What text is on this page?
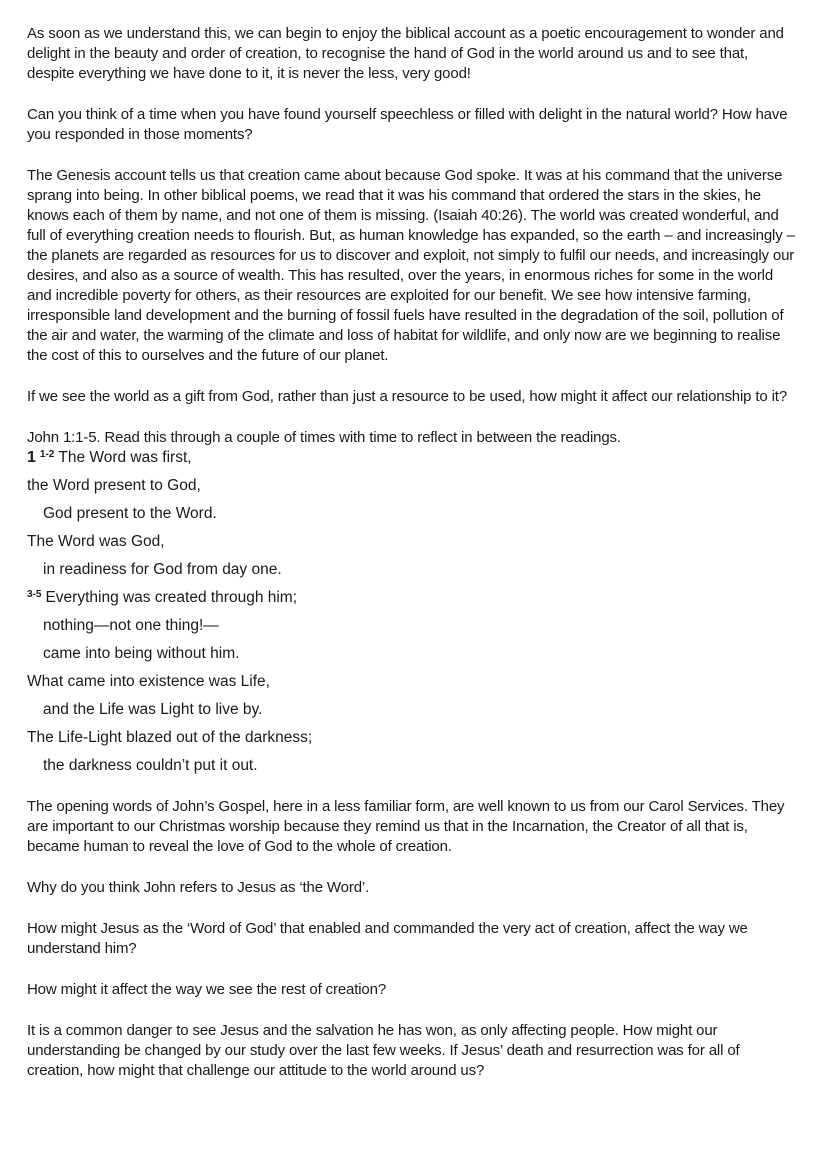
As soon as we understand this, we can begin to enjoy the biblical account as a poetic encouragement to wonder and delight in the beauty and order of creation, to recognise the hand of God in the world around us and to see that, despite everything we have done to it, it is never the less, very good!

Can you think of a time when you have found yourself speechless or filled with delight in the natural world? How have you responded in those moments?

The Genesis account tells us that creation came about because God spoke. It was at his command that the universe sprang into being. In other biblical poems, we read that it was his command that ordered the stars in the skies, he knows each of them by name, and not one of them is missing. (Isaiah 40:26). The world was created wonderful, and full of everything creation needs to flourish. But, as human knowledge has expanded, so the earth – and increasingly – the planets are regarded as resources for us to discover and exploit, not simply to fulfil our needs, and increasingly our desires, and also as a source of wealth. This has resulted, over the years, in enormous riches for some in the world and incredible poverty for others, as their resources are exploited for our benefit. We see how intensive farming, irresponsible land development and the burning of fossil fuels have resulted in the degradation of the soil, pollution of the air and water, the warming of the climate and loss of habitat for wildlife, and only now are we beginning to realise the cost of this to ourselves and the future of our planet.

If we see the world as a gift from God, rather than just a resource to be used, how might it affect our relationship to it?

John 1:1-5. Read this through a couple of times with time to reflect in between the readings.

1 $^{1-2}$ The Word was first,

the Word present to God,

God present to the Word.

The Word was God,

in readiness for God from day one.

$^{3-5}$ Everything was created through him;

nothing—not one thing!—

came into being without him.

What came into existence was Life,

and the Life was Light to live by.

The Life-Light blazed out of the darkness;

the darkness couldn’t put it out.

The opening words of John’s Gospel, here in a less familiar form, are well known to us from our Carol Services. They are important to our Christmas worship because they remind us that in the Incarnation, the Creator of all that is, became human to reveal the love of God to the whole of creation.

Why do you think John refers to Jesus as ‘the Word’.

How might Jesus as the ‘Word of God’ that enabled and commanded the very act of creation, affect the way we understand him?

How might it affect the way we see the rest of creation?

It is a common danger to see Jesus and the salvation he has won, as only affecting people. How might our understanding be changed by our study over the last few weeks. If Jesus’ death and resurrection was for all of creation, how might that challenge our attitude to the world around us?
